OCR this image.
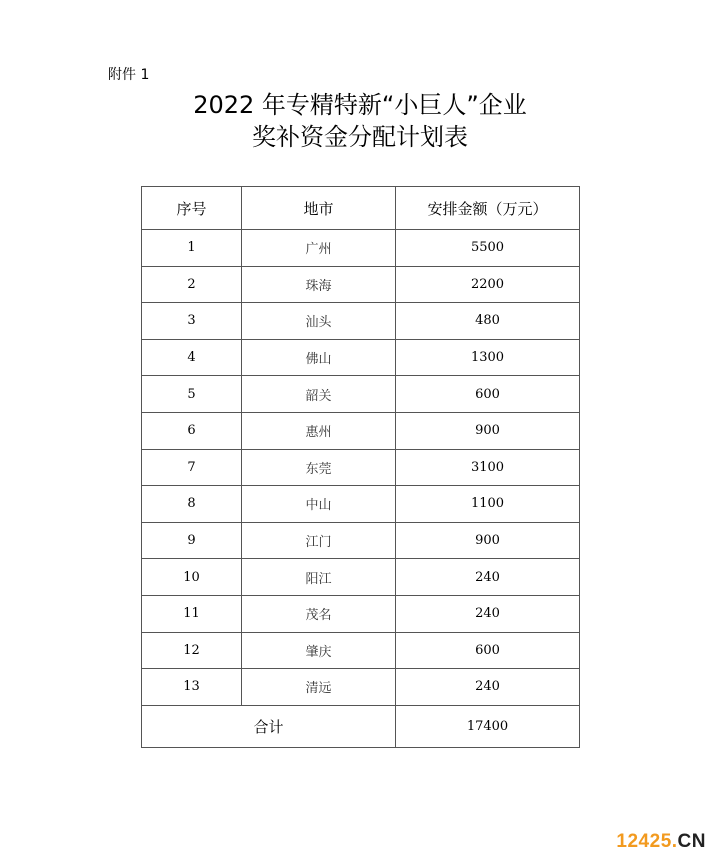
附件 1
2022 年专精特新“小巨人”企业
奖补资金分配计划表
序号	地市	安排金额（万元）
1	广州	5500
2	珠海	2200
3	汕头	480
4	佛山	1300
5	韶关	600
6	惠州	900
7	东莞	3100
8	中山	1100
9	江门	900
10	阳江	240
11	茂名	240
12	肇庆	600
13	清远	240
合计		17400
12425.CN
